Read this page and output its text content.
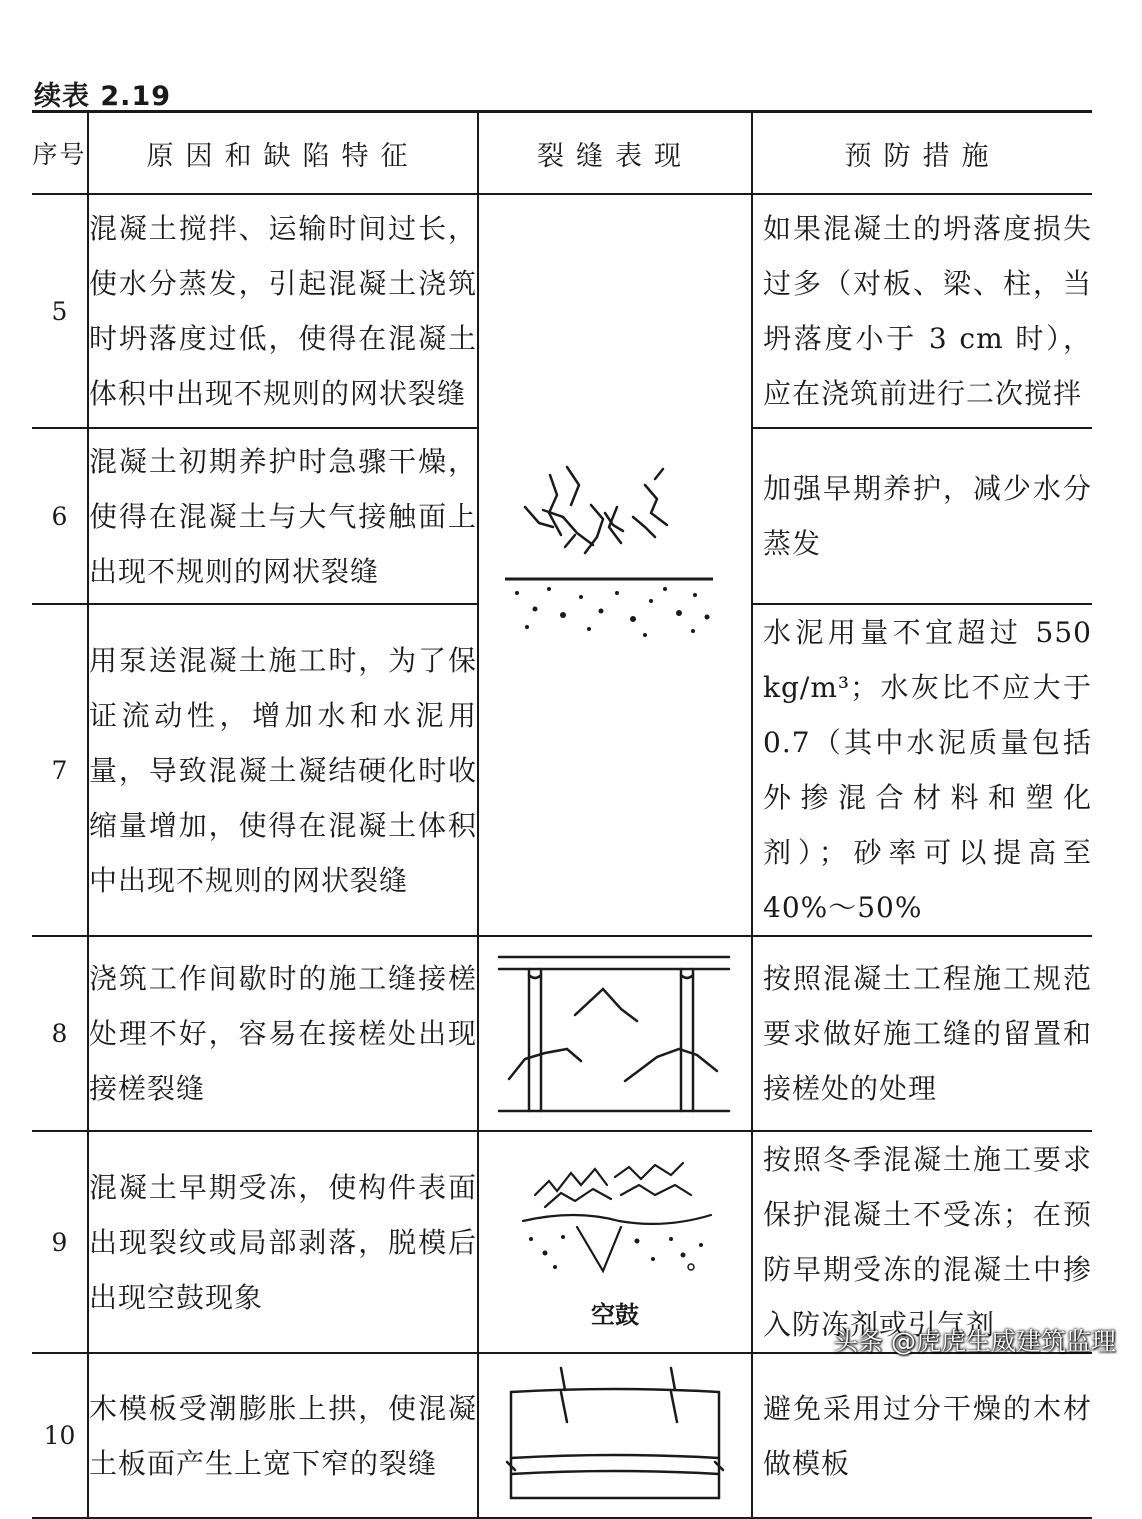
续表 2.19
序号	原因和缺陷特征	裂缝表现	预防措施
5	混凝土搅拌、运输时间过长，使水分蒸发，引起混凝土浇筑时坍落度过低，使得在混凝土体积中出现不规则的网状裂缝		如果混凝土的坍落度损失过多（对板、梁、柱，当坍落度小于 3 cm 时），应在浇筑前进行二次搅拌
6	混凝土初期养护时急骤干燥，使得在混凝土与大气接触面上出现不规则的网状裂缝		加强早期养护，减少水分蒸发
7	用泵送混凝土施工时，为了保证流动性，增加水和水泥用量，导致混凝土凝结硬化时收缩量增加，使得在混凝土体积中出现不规则的网状裂缝		水泥用量不宜超过 550 kg/m³；水灰比不应大于 0.7（其中水泥质量包括外掺混合材料和塑化剂）；砂率可以提高至 40%～50%
8	浇筑工作间歇时的施工缝接槎处理不好，容易在接槎处出现接槎裂缝		按照混凝土工程施工规范要求做好施工缝的留置和接槎处的处理
9	混凝土早期受冻，使构件表面出现裂纹或局部剥落，脱模后出现空鼓现象	空鼓	按照冬季混凝土施工要求保护混凝土不受冻；在预防早期受冻的混凝土中掺入防冻剂或引气剂
10	木模板受潮膨胀上拱，使混凝土板面产生上宽下窄的裂缝		避免采用过分干燥的木材做模板
头条 @虎虎生威建筑监理
